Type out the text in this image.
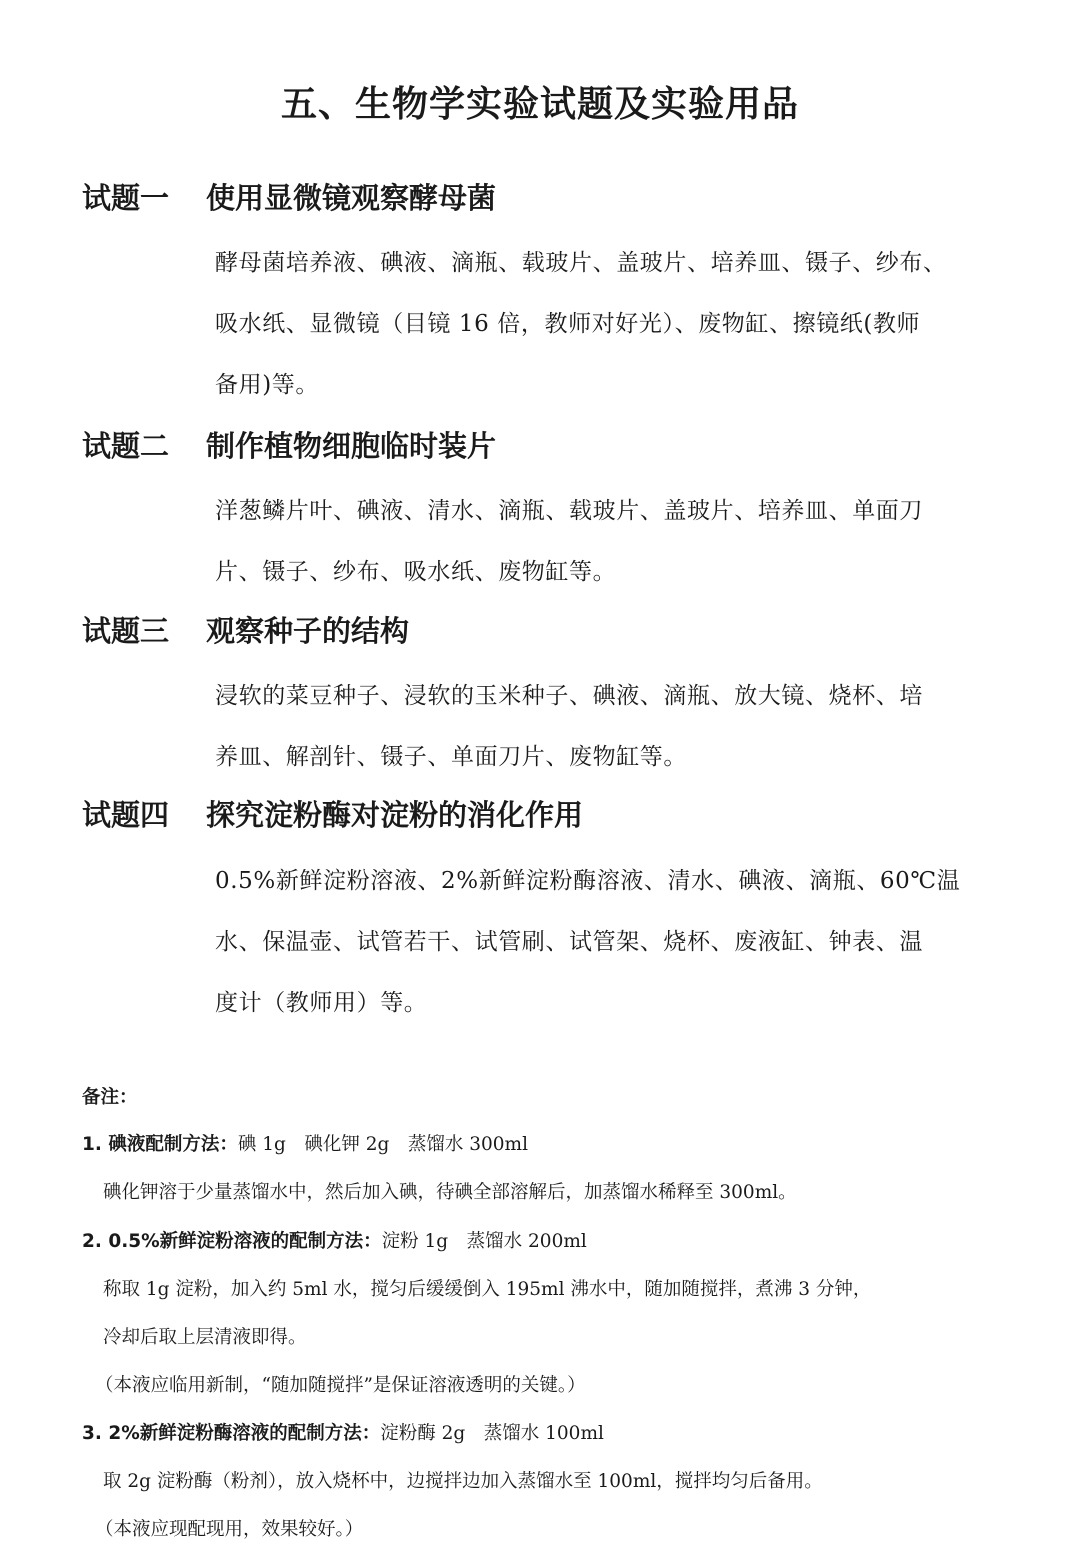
五、生物学实验试题及实验用品
试题一 使用显微镜观察酵母菌
酵母菌培养液、碘液、滴瓶、载玻片、盖玻片、培养皿、镊子、纱布、
吸水纸、显微镜（目镜 16 倍，教师对好光）、废物缸、擦镜纸(教师
备用)等。
试题二 制作植物细胞临时装片
洋葱鳞片叶、碘液、清水、滴瓶、载玻片、盖玻片、培养皿、单面刀
片、镊子、纱布、吸水纸、废物缸等。
试题三 观察种子的结构
浸软的菜豆种子、浸软的玉米种子、碘液、滴瓶、放大镜、烧杯、培
养皿、解剖针、镊子、单面刀片、废物缸等。
试题四 探究淀粉酶对淀粉的消化作用
0.5%新鲜淀粉溶液、2%新鲜淀粉酶溶液、清水、碘液、滴瓶、60℃温
水、保温壶、试管若干、试管刷、试管架、烧杯、废液缸、钟表、温
度计（教师用）等。
备注：
1. 碘液配制方法：碘 1g　碘化钾 2g　蒸馏水 300ml
碘化钾溶于少量蒸馏水中，然后加入碘，待碘全部溶解后，加蒸馏水稀释至 300ml。
2. 0.5%新鲜淀粉溶液的配制方法：淀粉 1g　蒸馏水 200ml
称取 1g 淀粉，加入约 5ml 水，搅匀后缓缓倒入 195ml 沸水中，随加随搅拌，煮沸 3 分钟，
冷却后取上层清液即得。
（本液应临用新制，“随加随搅拌”是保证溶液透明的关键。）
3. 2%新鲜淀粉酶溶液的配制方法：淀粉酶 2g　蒸馏水 100ml
取 2g 淀粉酶（粉剂），放入烧杯中，边搅拌边加入蒸馏水至 100ml，搅拌均匀后备用。
（本液应现配现用，效果较好。）
